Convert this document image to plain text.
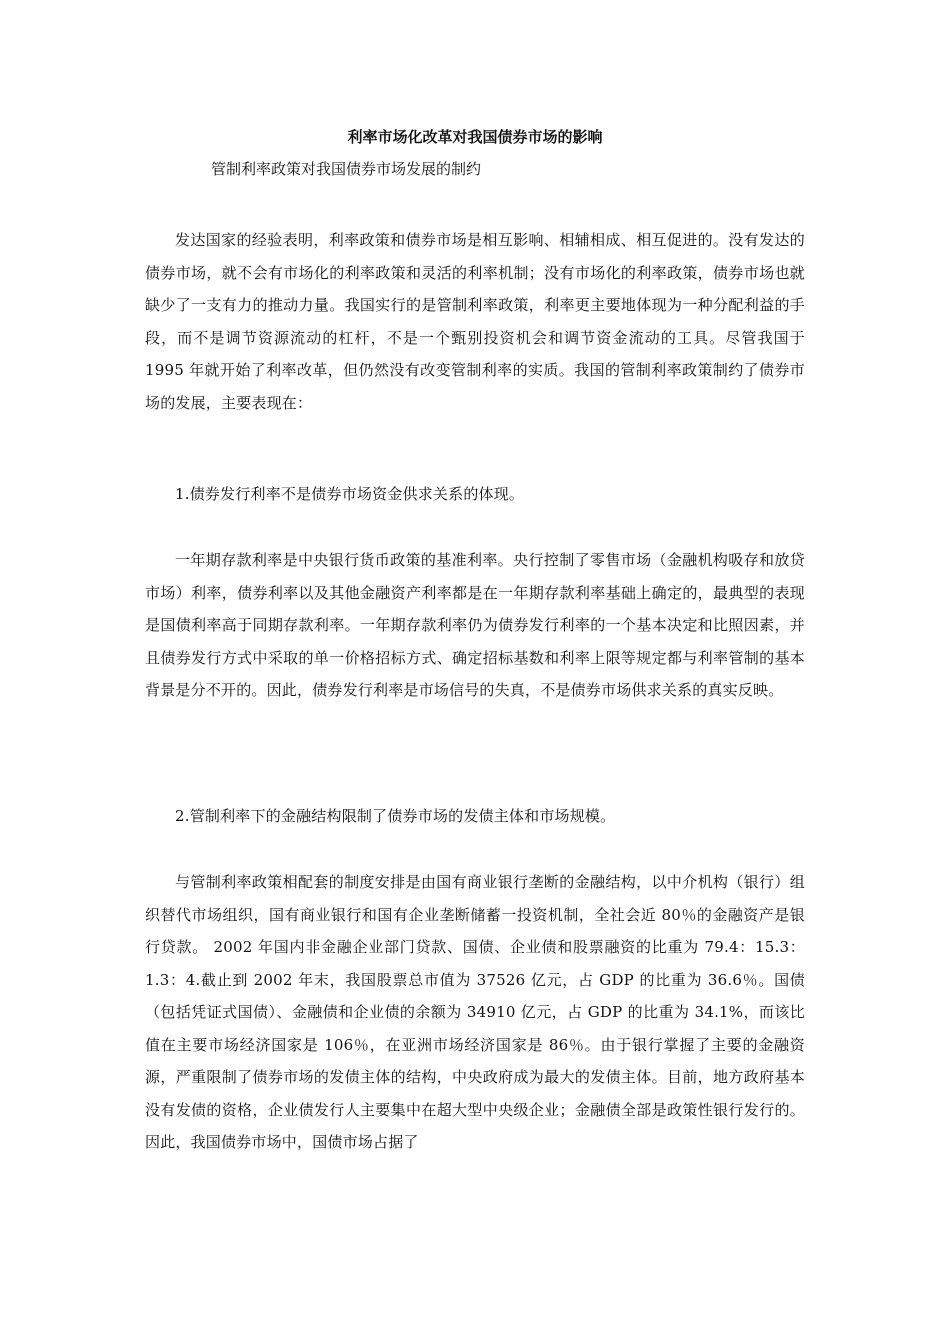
利率市场化改革对我国债券市场的影响

管制利率政策对我国债券市场发展的制约

发达国家的经验表明，利率政策和债券市场是相互影响、相辅相成、相互促进的。没有发达的债券市场，就不会有市场化的利率政策和灵活的利率机制；没有市场化的利率政策，债券市场也就缺少了一支有力的推动力量。我国实行的是管制利率政策，利率更主要地体现为一种分配利益的手段，而不是调节资源流动的杠杆，不是一个甄别投资机会和调节资金流动的工具。尽管我国于 1995 年就开始了利率改革，但仍然没有改变管制利率的实质。我国的管制利率政策制约了债券市场的发展，主要表现在：

1.债券发行利率不是债券市场资金供求关系的体现。

一年期存款利率是中央银行货币政策的基准利率。央行控制了零售市场（金融机构吸存和放贷市场）利率，债券利率以及其他金融资产利率都是在一年期存款利率基础上确定的，最典型的表现是国债利率高于同期存款利率。一年期存款利率仍为债券发行利率的一个基本决定和比照因素，并且债券发行方式中采取的单一价格招标方式、确定招标基数和利率上限等规定都与利率管制的基本背景是分不开的。因此，债券发行利率是市场信号的失真，不是债券市场供求关系的真实反映。

2.管制利率下的金融结构限制了债券市场的发债主体和市场规模。

与管制利率政策相配套的制度安排是由国有商业银行垄断的金融结构，以中介机构（银行）组织替代市场组织，国有商业银行和国有企业垄断储蓄一投资机制，全社会近 80％的金融资产是银行贷款。 2002 年国内非金融企业部门贷款、国债、企业债和股票融资的比重为 79.4：15.3：1.3：4.截止到 2002 年末，我国股票总市值为 37526 亿元，占 GDP 的比重为 36.6％。国债（包括凭证式国债）、金融债和企业债的余额为 34910 亿元，占 GDP 的比重为 34.1%，而该比值在主要市场经济国家是 106％，在亚洲市场经济国家是 86％。由于银行掌握了主要的金融资源，严重限制了债券市场的发债主体的结构，中央政府成为最大的发债主体。目前，地方政府基本没有发债的资格，企业债发行人主要集中在超大型中央级企业；金融债全部是政策性银行发行的。因此，我国债券市场中，国债市场占据了
